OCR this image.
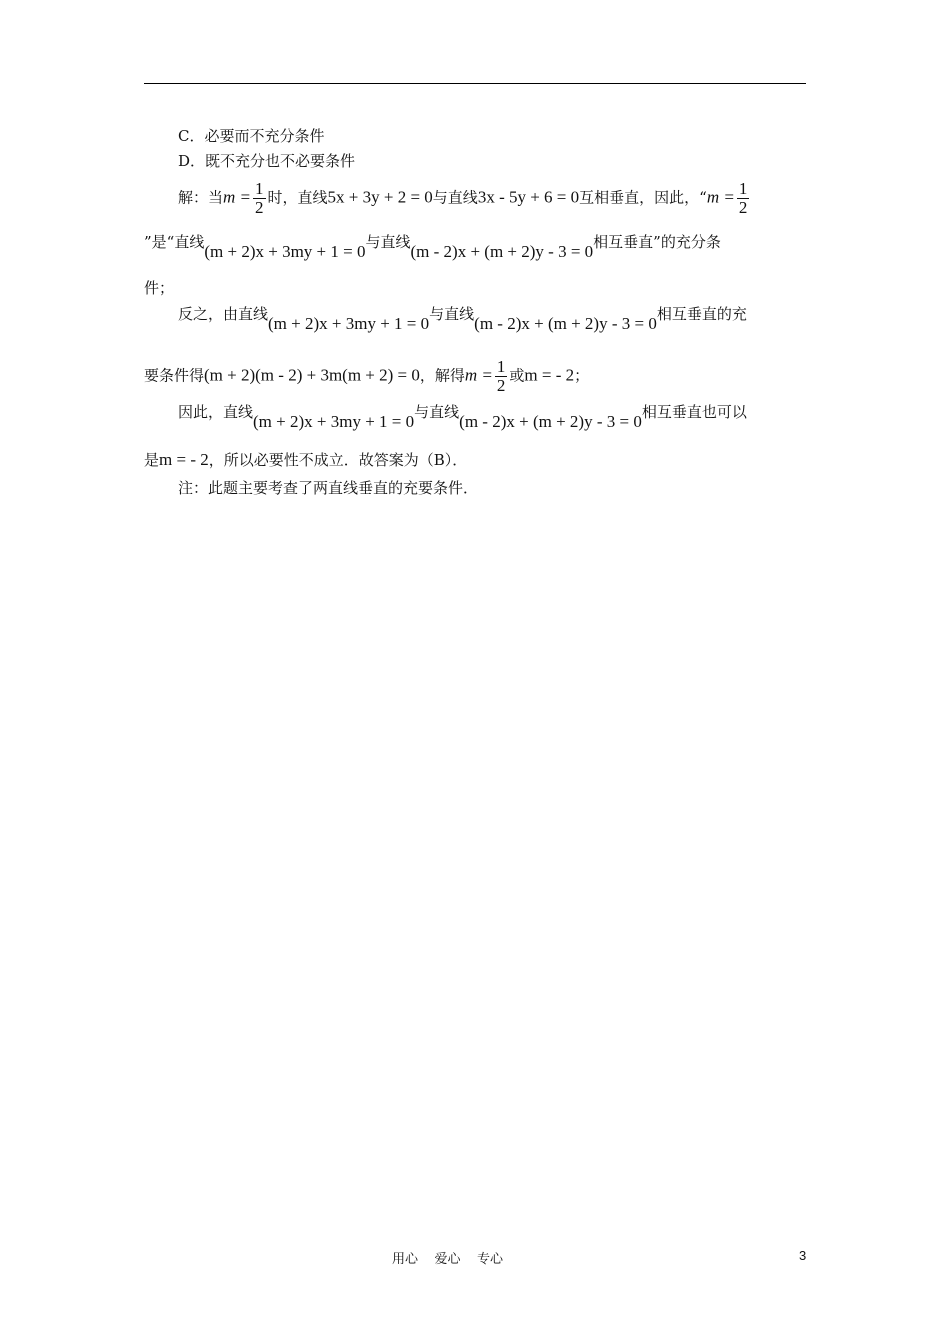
C．必要而不充分条件
D．既不充分也不必要条件
解：当$m = \frac{1}{2}$ 时，直线5x + 3y + 2 = 0与直线3x - 5y + 6 = 0互相垂直，因此，“$m = \frac{1}{2}$
”是“直线(m + 2)x + 3my + 1 = 0与直线(m - 2)x + (m + 2)y - 3 = 0相互垂直”的充分条
件；
反之，由直线(m + 2)x + 3my + 1 = 0与直线(m - 2)x + (m + 2)y - 3 = 0相互垂直的充
要条件得(m + 2)(m - 2) + 3m(m + 2) = 0，解得$m = \frac{1}{2}$ 或m = - 2；
因此，直线(m + 2)x + 3my + 1 = 0与直线(m - 2)x + (m + 2)y - 3 = 0相互垂直也可以
是m = - 2，所以必要性不成立．故答案为（B）．
注：此题主要考查了两直线垂直的充要条件．
用心    爱心    专心	3
